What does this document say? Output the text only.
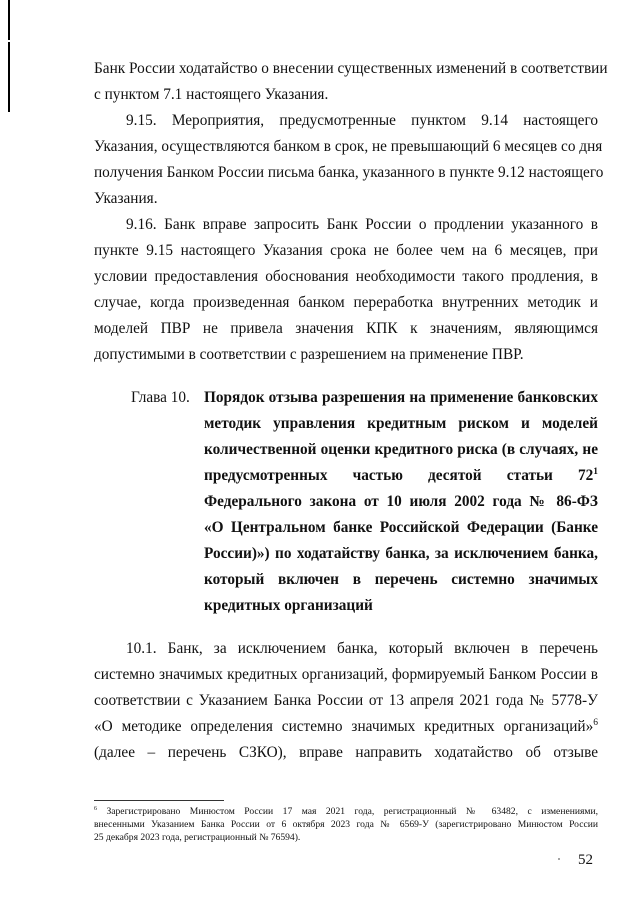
Банк России ходатайство о внесении существенных изменений в соответствии
с пунктом 7.1 настоящего Указания.
9.15. Мероприятия, предусмотренные пунктом 9.14 настоящего
Указания, осуществляются банком в срок, не превышающий 6 месяцев со дня
получения Банком России письма банка, указанного в пункте 9.12 настоящего
Указания.
9.16. Банк вправе запросить Банк России о продлении указанного в
пункте 9.15 настоящего Указания срока не более чем на 6 месяцев, при
условии предоставления обоснования необходимости такого продления, в
случае, когда произведенная банком переработка внутренних методик и
моделей ПВР не привела значения КПК к значениям, являющимся
допустимыми в соответствии с разрешением на применение ПВР.
Глава 10. Порядок отзыва разрешения на применение банковских
методик управления кредитным риском и моделей
количественной оценки кредитного риска (в случаях, не
предусмотренных частью десятой статьи $72^1$
Федерального закона от 10 июля 2002 года № 86-ФЗ
«О Центральном банке Российской Федерации (Банке
России)») по ходатайству банка, за исключением банка,
который включен в перечень системно значимых
кредитных организаций
10.1. Банк, за исключением банка, который включен в перечень
системно значимых кредитных организаций, формируемый Банком России в
соответствии с Указанием Банка России от 13 апреля 2021 года № 5778-У
«О методике определения системно значимых кредитных организаций»$^6$
(далее – перечень СЗКО), вправе направить ходатайство об отзыве
$^6$ Зарегистрировано Минюстом России 17 мая 2021 года, регистрационный № 63482, с изменениями,
внесенными Указанием Банка России от 6 октября 2023 года № 6569-У (зарегистрировано Минюстом России
25 декабря 2023 года, регистрационный № 76594).
52
